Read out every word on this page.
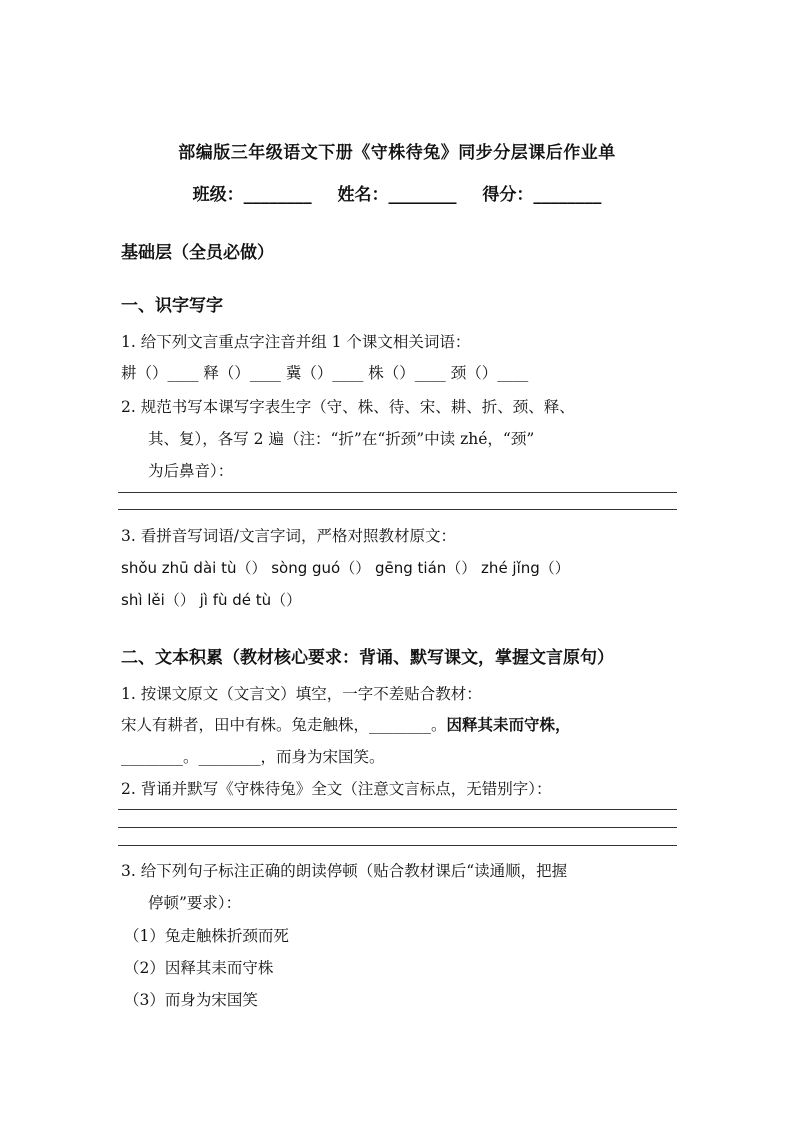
部编版三年级语文下册《守株待兔》同步分层课后作业单
班级：________ 姓名：________ 得分：________
基础层（全员必做）
一、识字写字
1. 给下列文言重点字注音并组 1 个课文相关词语：
耕（）____ 释（）____ 冀（）____ 株（）____ 颈（）____
2. 规范书写本课写字表生字（守、株、待、宋、耕、折、颈、释、
其、复），各写 2 遍（注：“折”在“折颈”中读 zhé，“颈”
为后鼻音）：
3. 看拼音写词语/文言字词，严格对照教材原文：
shǒu zhū dài tù（） sòng guó（） gēng tián（） zhé jǐng（）
shì lěi（） jì fù dé tù（）
二、文本积累（教材核心要求：背诵、默写课文，掌握文言原句）
1. 按课文原文（文言文）填空，一字不差贴合教材：
宋人有耕者，田中有株。兔走触株，________。因释其耒而守株，
________。________，而身为宋国笑。
2. 背诵并默写《守株待兔》全文（注意文言标点，无错别字）：
3. 给下列句子标注正确的朗读停顿（贴合教材课后“读通顺，把握
停顿”要求）：
（1）兔走触株折颈而死
（2）因释其耒而守株
（3）而身为宋国笑
